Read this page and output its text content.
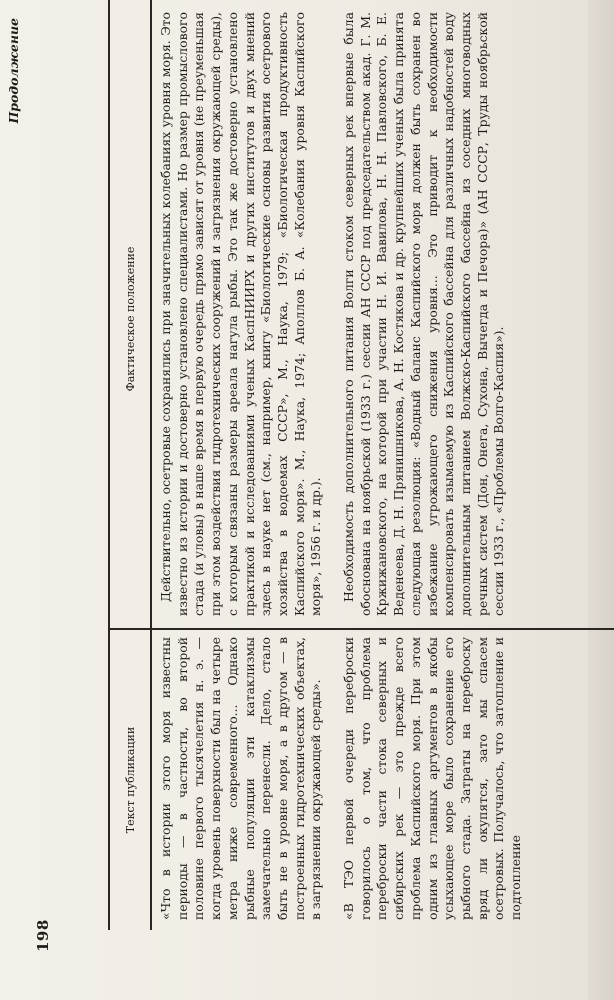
198
Продолжение
Текст публикации
Фактическое положение

«Что в истории этого моря известны периоды — в частности, во второй половине первого тысячелетия н. э. — когда уровень поверхности был на четыре метра ниже современного... Однако рыбные популяции эти катаклизмы замечательно перенесли. Дело, стало быть не в уровне моря, а в другом — в построенных гидротехнических объектах, в загрязнении окружающей среды». «В ТЭО первой очереди переброски говорилось о том, что проблема переброски части стока северных и сибирских рек — это прежде всего проблема Каспийского моря. При этом одним из главных аргументов в якобы усыхающее море было сохранение его рыбного стада. Затраты на переброску вряд ли окупятся, зато мы спасем осетровых. Получалось, что затопление и подтопление

Действительно, осетровые сохранялись при значительных колебаниях уровня моря. Это известно из истории и достоверно установлено специалистами. Но размер промыслового стада (и уловы) в наше время в первую очередь прямо зависят от уровня (не преуменьшая при этом воздействия гидротехнических сооружений и загрязнения окружающей среды), с которым связаны размеры ареала нагула рыбы. Это так же достоверно установлено практикой и исследованиями ученых КаспНИИРХ и других институтов и двух мнений здесь в науке нет (см., например, книгу «Биологические основы развития осетрового хозяйства в водоемах СССР», М., Наука, 1979; «Биологическая продуктивность Каспийского моря». М., Наука, 1974; Аполлов Б. А. «Колебания уровня Каспийского моря», 1956 г. и др.). Необходимость дополнительного питания Волги стоком северных рек впервые была обоснована на ноябрьской (1933 г.) сессии АН СССР под председательством акад. Г. М. Кржижановского, на которой при участии Н. И. Вавилова, Н. Н. Павловского, Б. Е. Веденеева, Д. Н. Прянишникова, А. Н. Костякова и др. крупнейших ученых была принята следующая резолюция: «Водный баланс Каспийского моря должен быть сохранен во избежание угрожающего снижения уровня... Это приводит к необходимости компенсировать изымаемую из Каспийского бассейна для различных надобностей воду дополнительным питанием Волжско-Каспийского бассейна из соседних многоводных речных систем (Дон, Онега, Сухона, Вычегда и Печора)» (АН СССР, Труды ноябрьской сессии 1933 г., «Проблемы Волго-Каспия»).
